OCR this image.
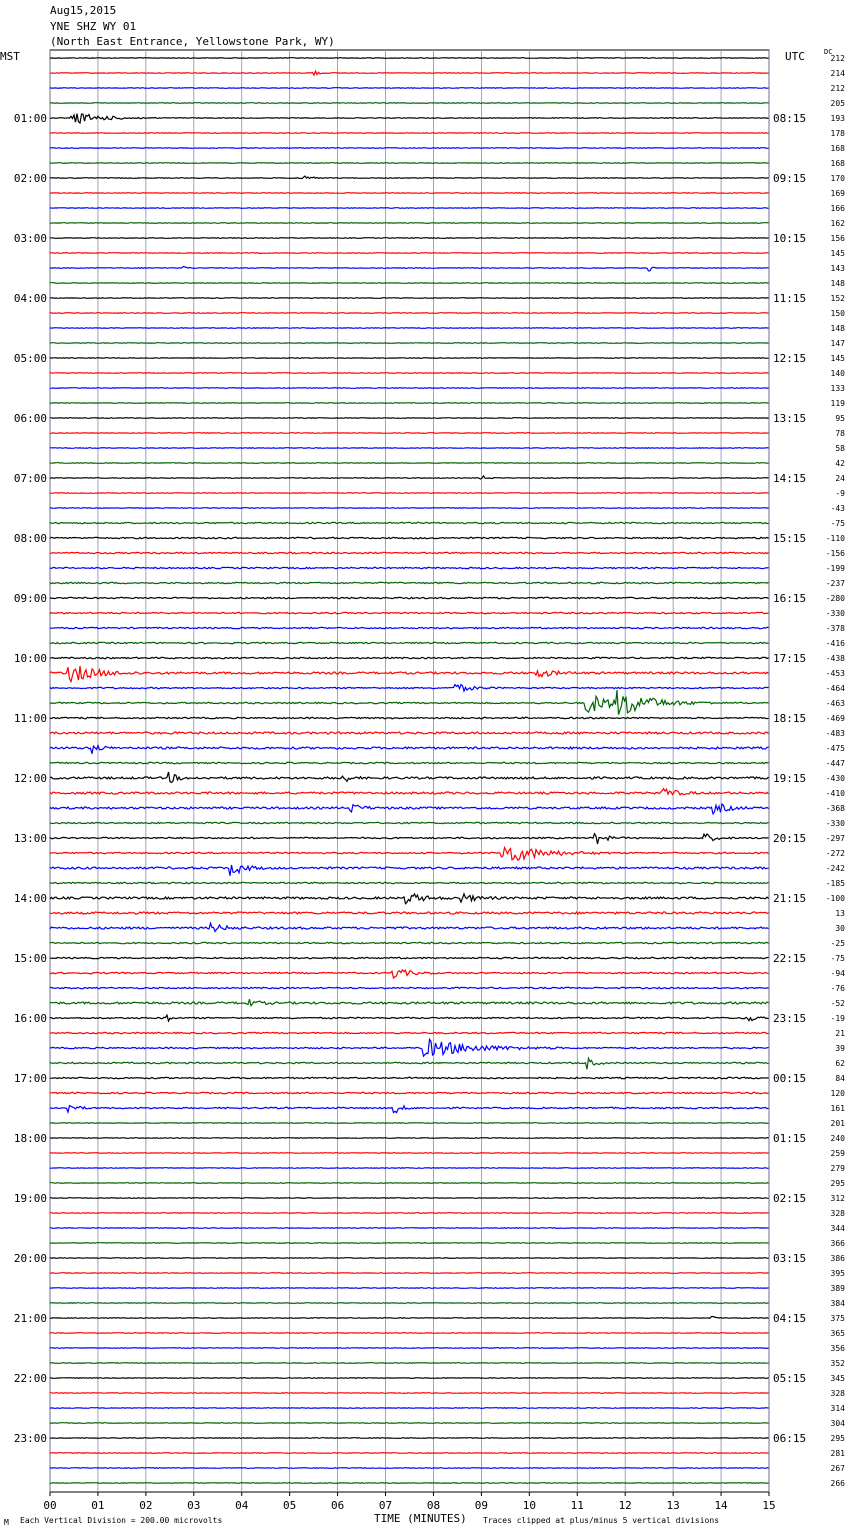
Aug15,2015
YNE SHZ WY 01
(North East Entrance, Yellowstone Park, WY)
MST	UTC	DC
00	01	02	03	04	05	06	07	08	09	10	11	12	13	14	15
212
214
212
205
193
178
168
168
170
169
166
162
156
145
143
148
152
150
148
147
145
140
133
119
95
78
58
42
24
-9
-43
-75
-110
-156
-199
-237
-280
-330
-378
-416
-438
-453
-464
-463
-469
-483
-475
-447
-430
-410
-368
-330
-297
-272
-242
-185
-100
13
30
-25
-75
-94
-76
-52
-19
21
39
62
84
120
161
201
240
259
279
295
312
328
344
366
386
395
389
384
375
365
356
352
345
328
314
304
295
281
267
266
01:00
02:00
03:00
04:00
05:00
06:00
07:00
08:00
09:00
10:00
11:00
12:00
13:00
14:00
15:00
16:00
17:00
18:00
19:00
20:00
21:00
22:00
23:00
08:15
09:15
10:15
11:15
12:15
13:15
14:15
15:15
16:15
17:15
18:15
19:15
20:15
21:15
22:15
23:15
00:15
01:15
02:15
03:15
04:15
05:15
06:15
M Each Vertical Division = 200.00 microvolts	TIME (MINUTES) Traces clipped at plus/minus 5 vertical divisions
